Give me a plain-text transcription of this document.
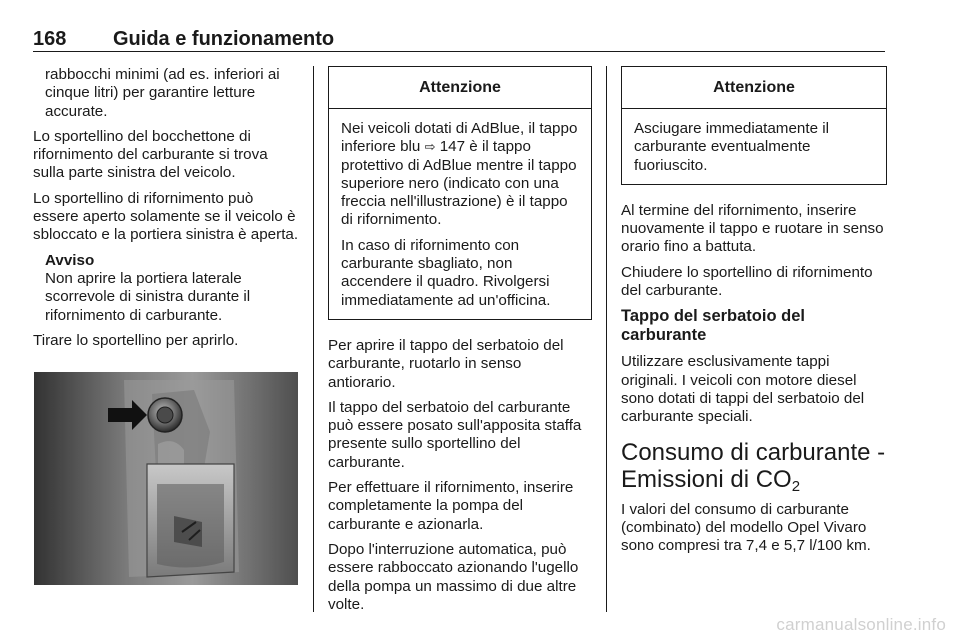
168 Guida e funzionamento

rabbocchi minimi (ad es. inferiori ai cinque litri) per garantire letture accurate.

Lo sportellino del bocchettone di rifornimento del carburante si trova sulla parte sinistra del veicolo.

Lo sportellino di rifornimento può essere aperto solamente se il veicolo è sbloccato e la portiera sinistra è aperta.

Avviso
Non aprire la portiera laterale scorrevole di sinistra durante il rifornimento di carburante.

Tirare lo sportellino per aprirlo.

Attenzione

Nei veicoli dotati di AdBlue, il tappo inferiore blu ⇨ 147 è il tappo protettivo di AdBlue mentre il tappo superiore nero (indicato con una freccia nell'illustrazione) è il tappo di rifornimento.

In caso di rifornimento con carburante sbagliato, non accendere il quadro. Rivolgersi immediatamente ad un'officina.

Per aprire il tappo del serbatoio del carburante, ruotarlo in senso antiorario.

Il tappo del serbatoio del carburante può essere posato sull'apposita staffa presente sullo sportellino del carburante.

Per effettuare il rifornimento, inserire completamente la pompa del carburante e azionarla.

Dopo l'interruzione automatica, può essere rabboccato azionando l'ugello della pompa un massimo di due altre volte.

Attenzione

Asciugare immediatamente il carburante eventualmente fuoriuscito.

Al termine del rifornimento, inserire nuovamente il tappo e ruotare in senso orario fino a battuta.

Chiudere lo sportellino di rifornimento del carburante.

Tappo del serbatoio del carburante

Utilizzare esclusivamente tappi originali. I veicoli con motore diesel sono dotati di tappi del serbatoio del carburante speciali.

Consumo di carburante - Emissioni di $CO_2$

I valori del consumo di carburante (combinato) del modello Opel Vivaro sono compresi tra 7,4 e 5,7 l/100 km.

carmanualsonline.info
